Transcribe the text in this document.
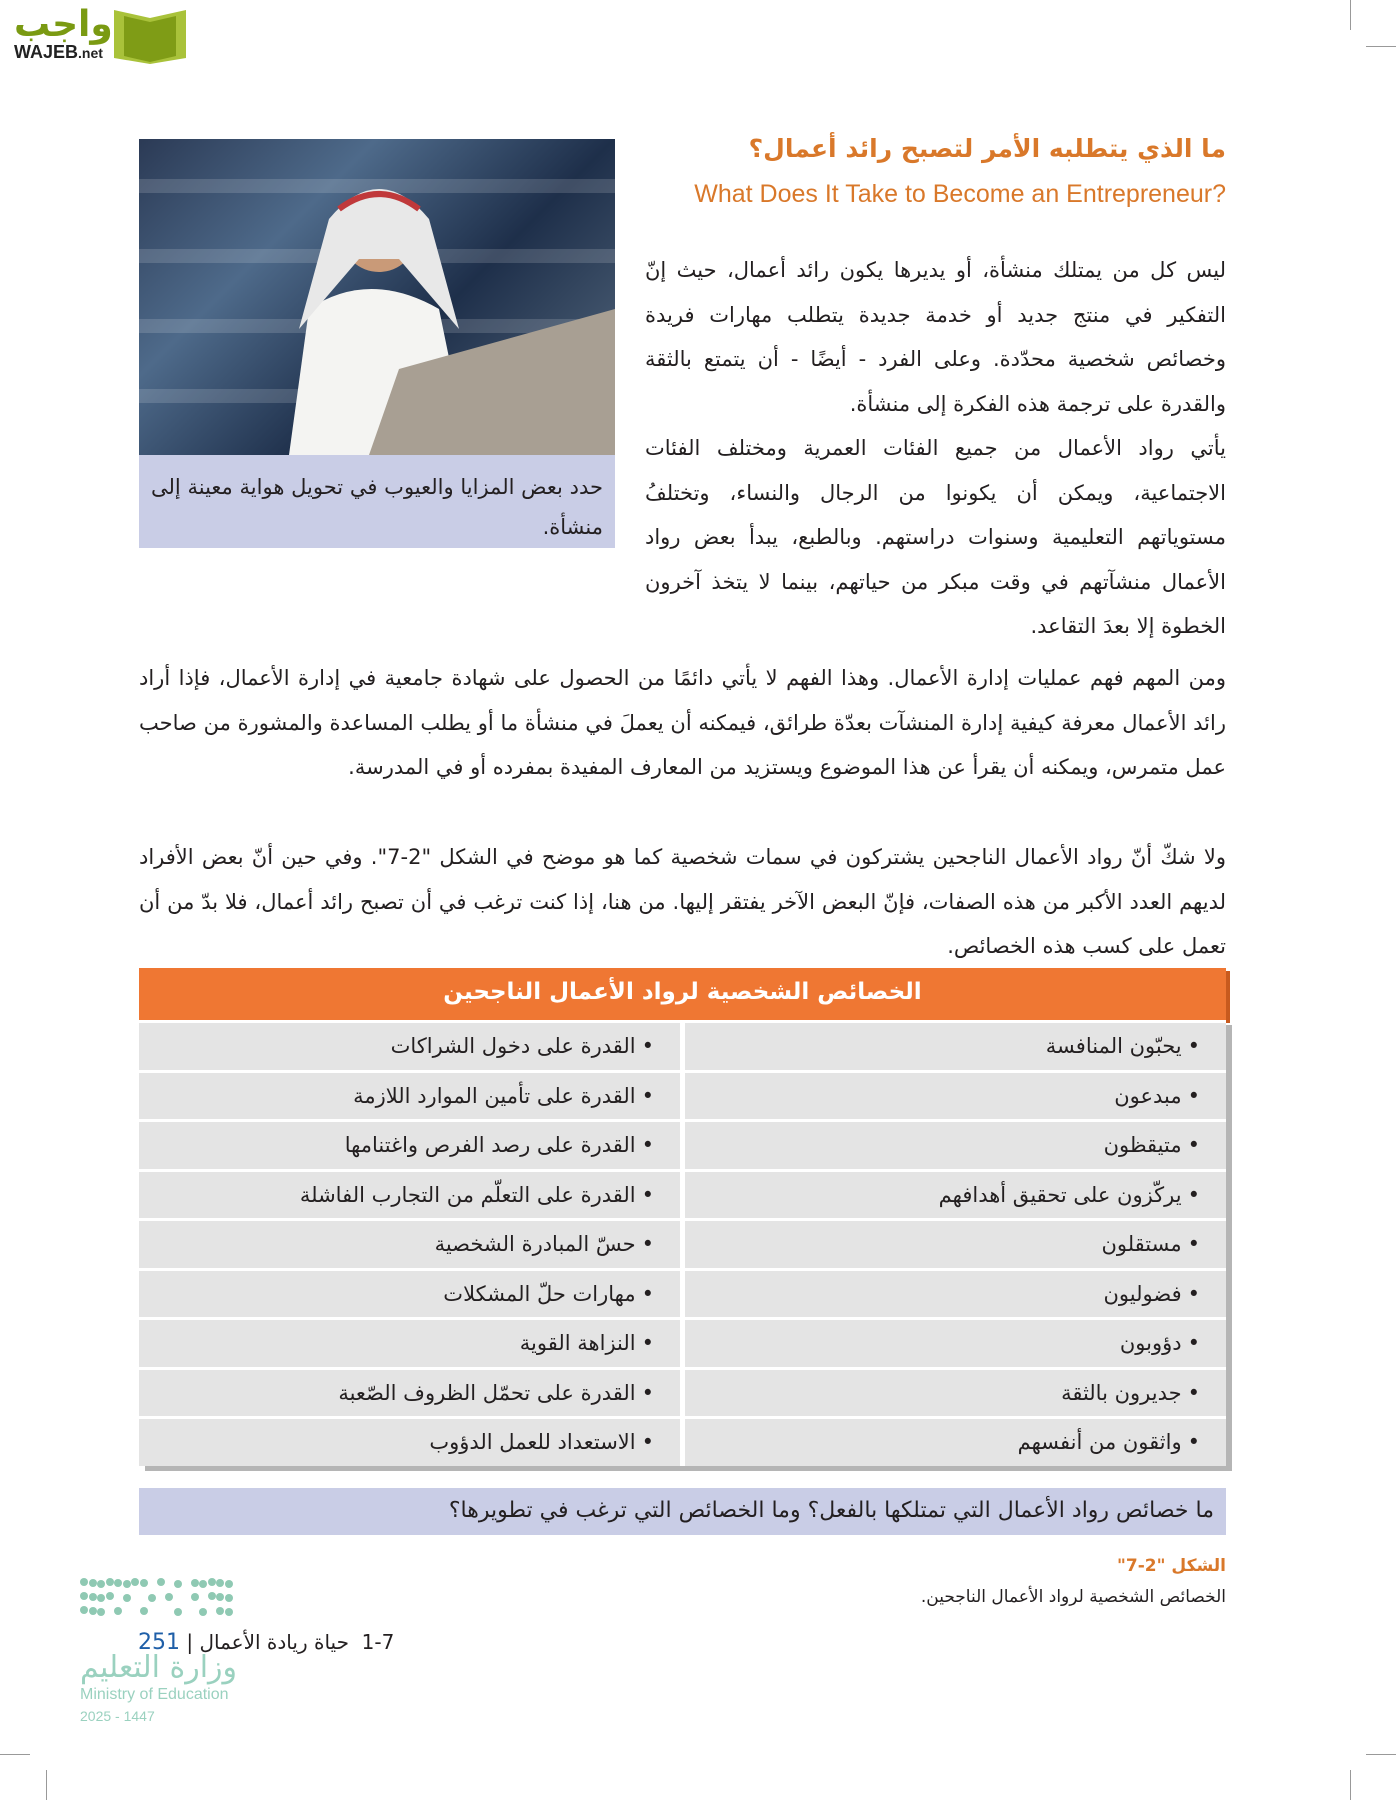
واجب
WAJEB.net
حدد بعض المزايا والعيوب في تحويل هواية معينة إلى منشأة.
ما الذي يتطلبه الأمر لتصبح رائد أعمال؟
What Does It Take to Become an Entrepreneur?
ليس كل من يمتلك منشأة، أو يديرها يكون رائد أعمال، حيث إنّ التفكير في منتج جديد أو خدمة جديدة يتطلب مهارات فريدة وخصائص شخصية محدّدة. وعلى الفرد - أيضًا - أن يتمتع بالثقة والقدرة على ترجمة هذه الفكرة إلى منشأة.
يأتي رواد الأعمال من جميع الفئات العمرية ومختلف الفئات الاجتماعية، ويمكن أن يكونوا من الرجال والنساء، وتختلفُ مستوياتهم التعليمية وسنوات دراستهم. وبالطبع، يبدأ بعض رواد الأعمال منشآتهم في وقت مبكر من حياتهم، بينما لا يتخذ آخرون الخطوة إلا بعدَ التقاعد.
ومن المهم فهم عمليات إدارة الأعمال. وهذا الفهم لا يأتي دائمًا من الحصول على شهادة جامعية في إدارة الأعمال، فإذا أراد رائد الأعمال معرفة كيفية إدارة المنشآت بعدّة طرائق، فيمكنه أن يعملَ في منشأة ما أو يطلب المساعدة والمشورة من صاحب عمل متمرس، ويمكنه أن يقرأ عن هذا الموضوع ويستزيد من المعارف المفيدة بمفرده أو في المدرسة.
ولا شكّ أنّ رواد الأعمال الناجحين يشتركون في سمات شخصية كما هو موضح في الشكل "2-7". وفي حين أنّ بعض الأفراد لديهم العدد الأكبر من هذه الصفات، فإنّ البعض الآخر يفتقر إليها. من هنا، إذا كنت ترغب في أن تصبح رائد أعمال، فلا بدّ من أن تعمل على كسب هذه الخصائص.
الخصائص الشخصية لرواد الأعمال الناجحين
• يحبّون المنافسة
• القدرة على دخول الشراكات
• مبدعون
• القدرة على تأمين الموارد اللازمة
• متيقظون
• القدرة على رصد الفرص واغتنامها
• يركّزون على تحقيق أهدافهم
• القدرة على التعلّم من التجارب الفاشلة
• مستقلون
• حسّ المبادرة الشخصية
• فضوليون
• مهارات حلّ المشكلات
• دؤوبون
• النزاهة القوية
• جديرون بالثقة
• القدرة على تحمّل الظروف الصّعبة
• واثقون من أنفسهم
• الاستعداد للعمل الدؤوب
ما خصائص رواد الأعمال التي تمتلكها بالفعل؟ وما الخصائص التي ترغب في تطويرها؟
الشكل "2-7"
الخصائص الشخصية لرواد الأعمال الناجحين.
وزارة التعليم
Ministry of Education
2025 - 1447
1-7  حياة ريادة الأعمال | 251
